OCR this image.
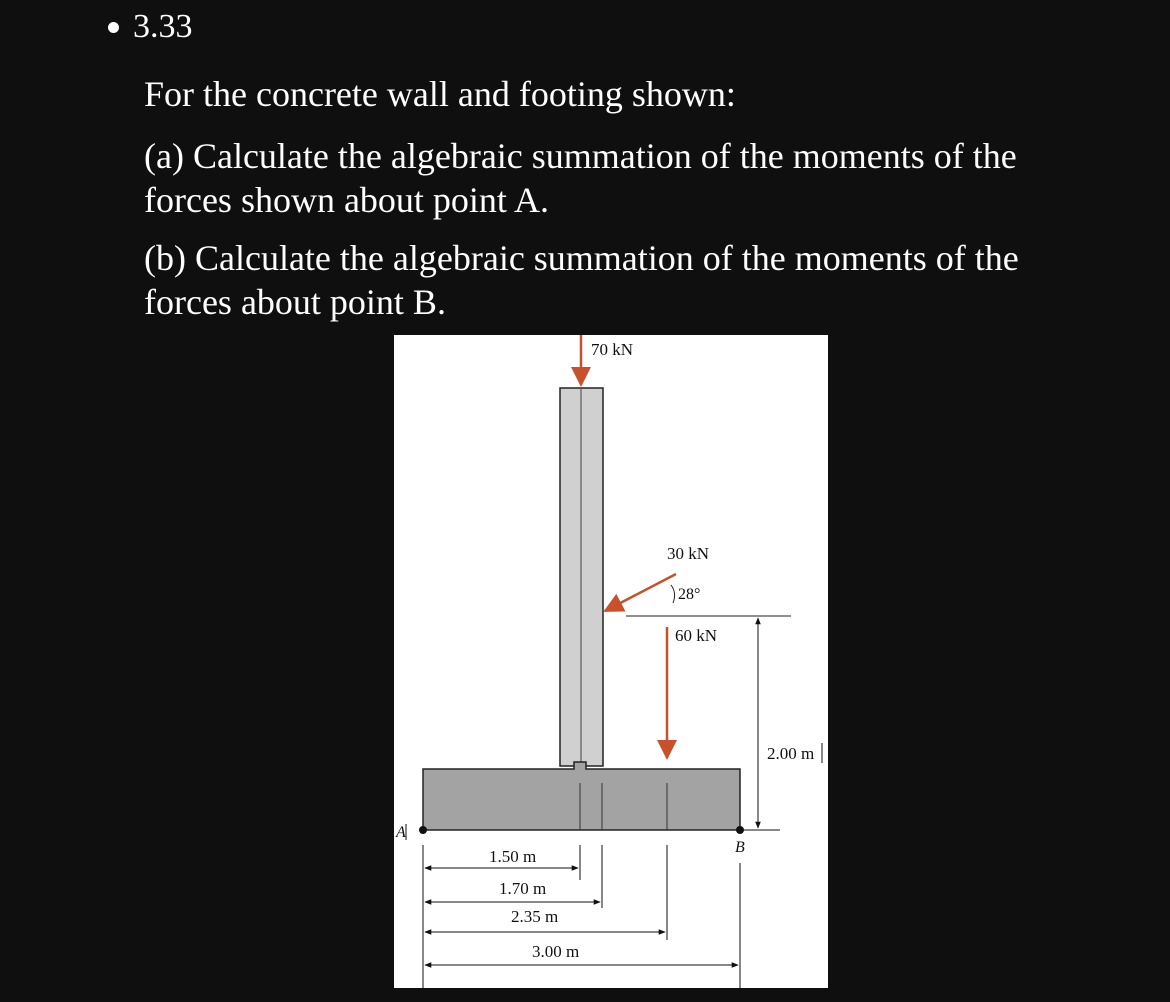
3.33
For the concrete wall and footing shown:
(a) Calculate the algebraic summation of the moments of the forces shown about point A.
(b) Calculate the algebraic summation of the moments of the forces about point B.
70 kN
30 kN
28°
60 kN
2.00 m
A
B
1.50 m
1.70 m
2.35 m
3.00 m
